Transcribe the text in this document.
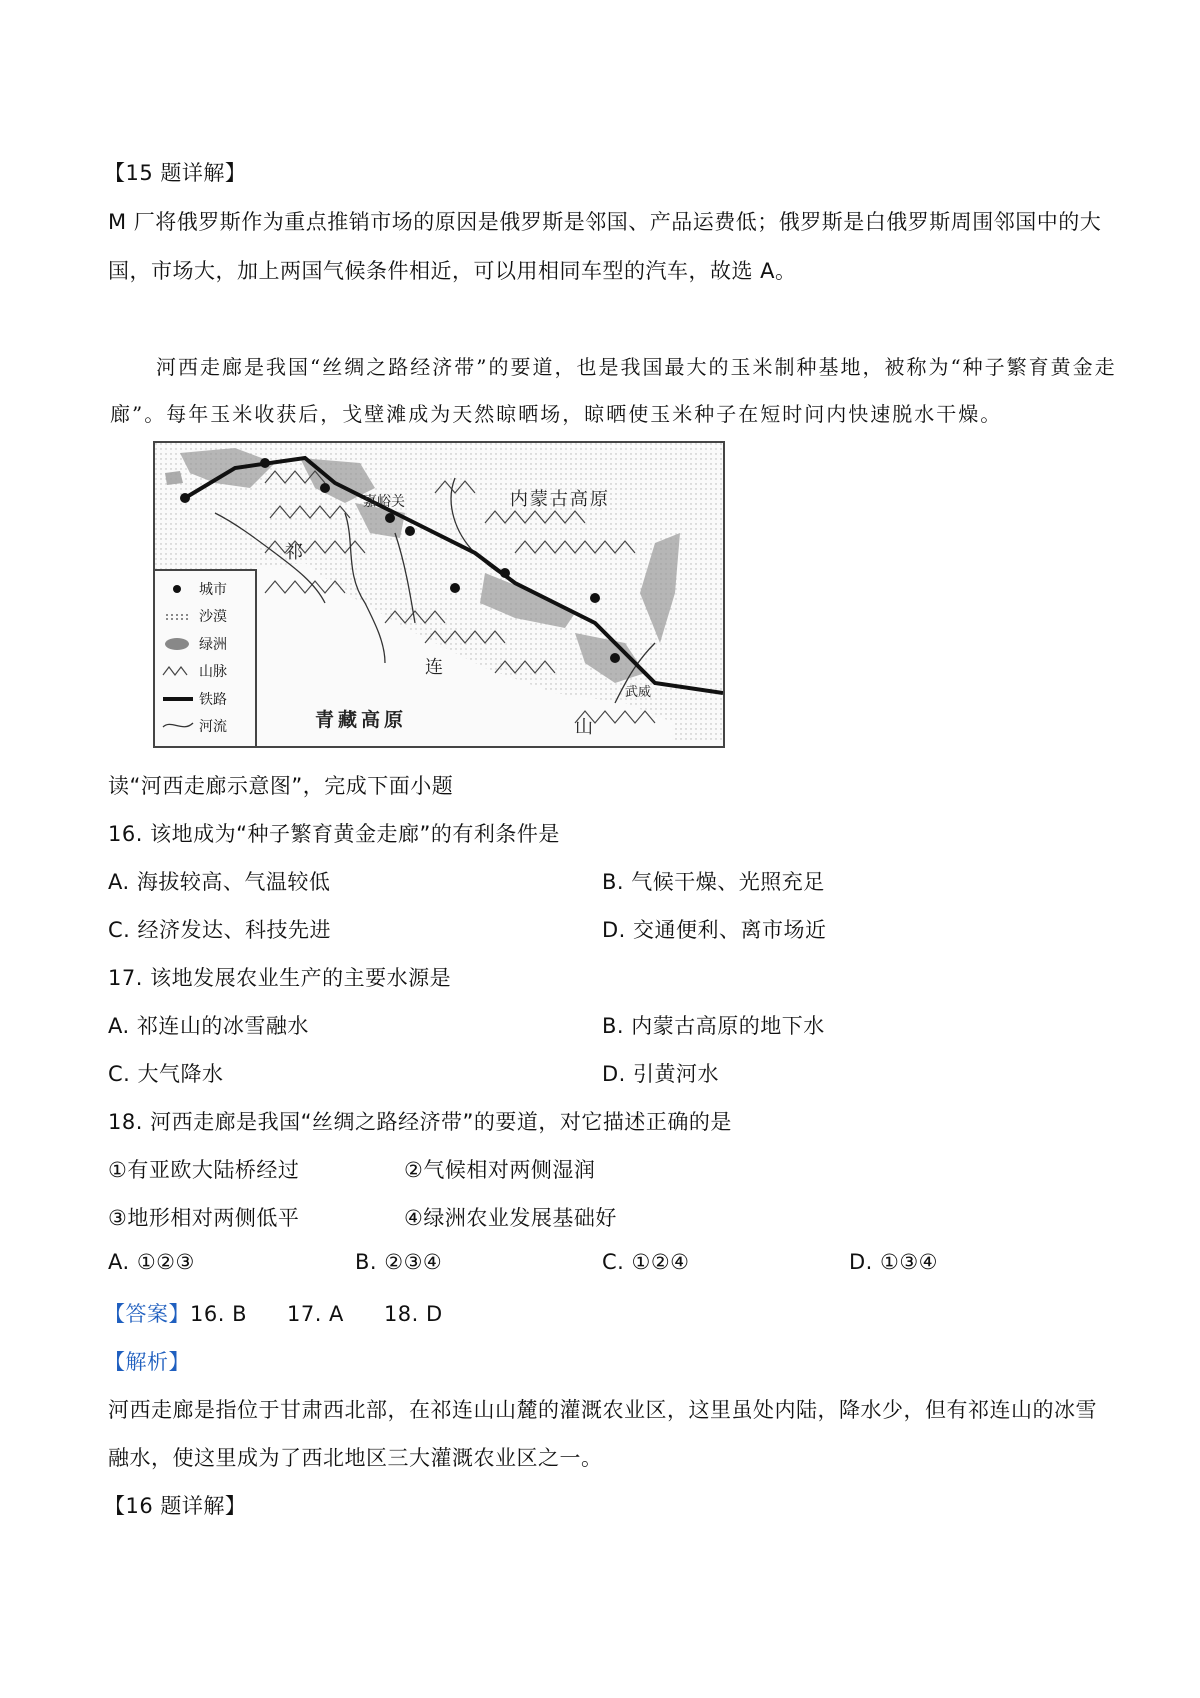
【15 题详解】
M 厂将俄罗斯作为重点推销市场的原因是俄罗斯是邻国、产品运费低；俄罗斯是白俄罗斯周围邻国中的大
国，市场大，加上两国气候条件相近，可以用相同车型的汽车，故选 A。
河西走廊是我国“丝绸之路经济带”的要道，也是我国最大的玉米制种基地，被称为“种子繁育黄金走
廊”。每年玉米收获后，戈壁滩成为天然晾晒场，晾晒使玉米种子在短时问内快速脱水干燥。
嘉峪关	内蒙古高原
祁
连
山
青藏高原
武威
城市
沙漠
绿洲
山脉
铁路
河流
读“河西走廊示意图”，完成下面小题
16. 该地成为“种子繁育黄金走廊”的有利条件是
A. 海拔较高、气温较低	B. 气候干燥、光照充足
C. 经济发达、科技先进	D. 交通便利、离市场近
17. 该地发展农业生产的主要水源是
A. 祁连山的冰雪融水	B. 内蒙古高原的地下水
C. 大气降水	D. 引黄河水
18. 河西走廊是我国“丝绸之路经济带”的要道，对它描述正确的是
①有亚欧大陆桥经过	②气候相对两侧湿润
③地形相对两侧低平	④绿洲农业发展基础好
A. ①②③	B. ②③④	C. ①②④	D. ①③④
【答案】16. B 17. A 18. D
【解析】
河西走廊是指位于甘肃西北部，在祁连山山麓的灌溉农业区，这里虽处内陆，降水少，但有祁连山的冰雪
融水，使这里成为了西北地区三大灌溉农业区之一。
【16 题详解】
